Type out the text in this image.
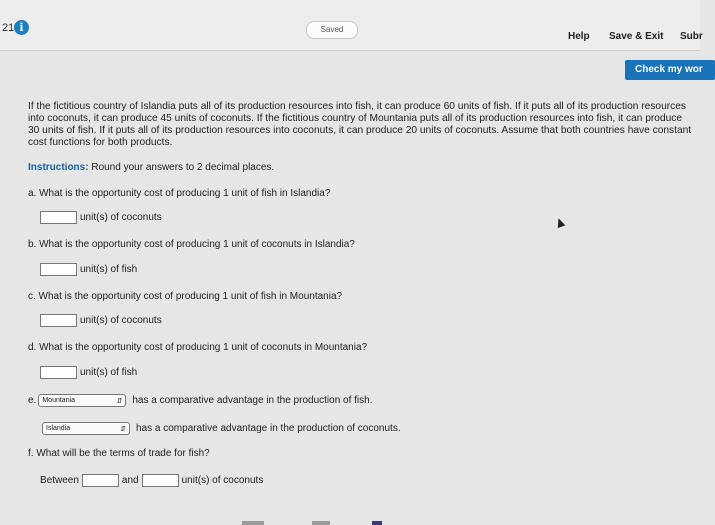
21 i	Saved
Help Save & Exit Subr
Check my wor
If the fictitious country of Islandia puts all of its production resources into fish, it can produce 60 units of fish. If it puts all of its production resources into coconuts, it can produce 45 units of coconuts. If the fictitious country of Mountania puts all of its production resources into fish, it can produce 30 units of fish. If it puts all of its production resources into coconuts, it can produce 20 units of coconuts. Assume that both countries have constant cost functions for both products.
Instructions: Round your answers to 2 decimal places.
a. What is the opportunity cost of producing 1 unit of fish in Islandia?
unit(s) of coconuts
b. What is the opportunity cost of producing 1 unit of coconuts in Islandia?
unit(s) of fish
c. What is the opportunity cost of producing 1 unit of fish in Mountania?
unit(s) of coconuts
d. What is the opportunity cost of producing 1 unit of coconuts in Mountania?
unit(s) of fish
e. Mountania	⇵ has a comparative advantage in the production of fish.
Islandia	⇵ has a comparative advantage in the production of coconuts.
f. What will be the terms of trade for fish?
Between	and	unit(s) of coconuts
